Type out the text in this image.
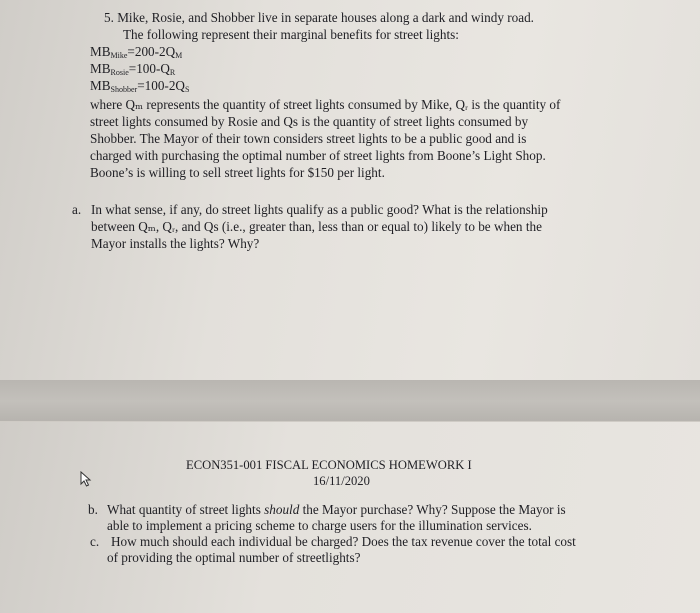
5. Mike, Rosie, and Shobber live in separate houses along a dark and windy road.
The following represent their marginal benefits for street lights:
$MB_{Mike}=200-2Q_M$
$MB_{Rosie}=100-Q_R$
$MB_{Shobber}=100-2Q_S$
where Qₘ represents the quantity of street lights consumed by Mike, Qᵣ is the quantity of
street lights consumed by Rosie and Qs is the quantity of street lights consumed by
Shobber. The Mayor of their town considers street lights to be a public good and is
charged with purchasing the optimal number of street lights from Boone’s Light Shop.
Boone’s is willing to sell street lights for $150 per light.
a. In what sense, if any, do street lights qualify as a public good? What is the relationship
between Qₘ, Qᵣ, and Qs (i.e., greater than, less than or equal to) likely to be when the
Mayor installs the lights? Why?
ECON351-001 FISCAL ECONOMICS HOMEWORK I
16/11/2020
b. What quantity of street lights should the Mayor purchase? Why? Suppose the Mayor is
able to implement a pricing scheme to charge users for the illumination services.
c. How much should each individual be charged? Does the tax revenue cover the total cost
of providing the optimal number of streetlights?
